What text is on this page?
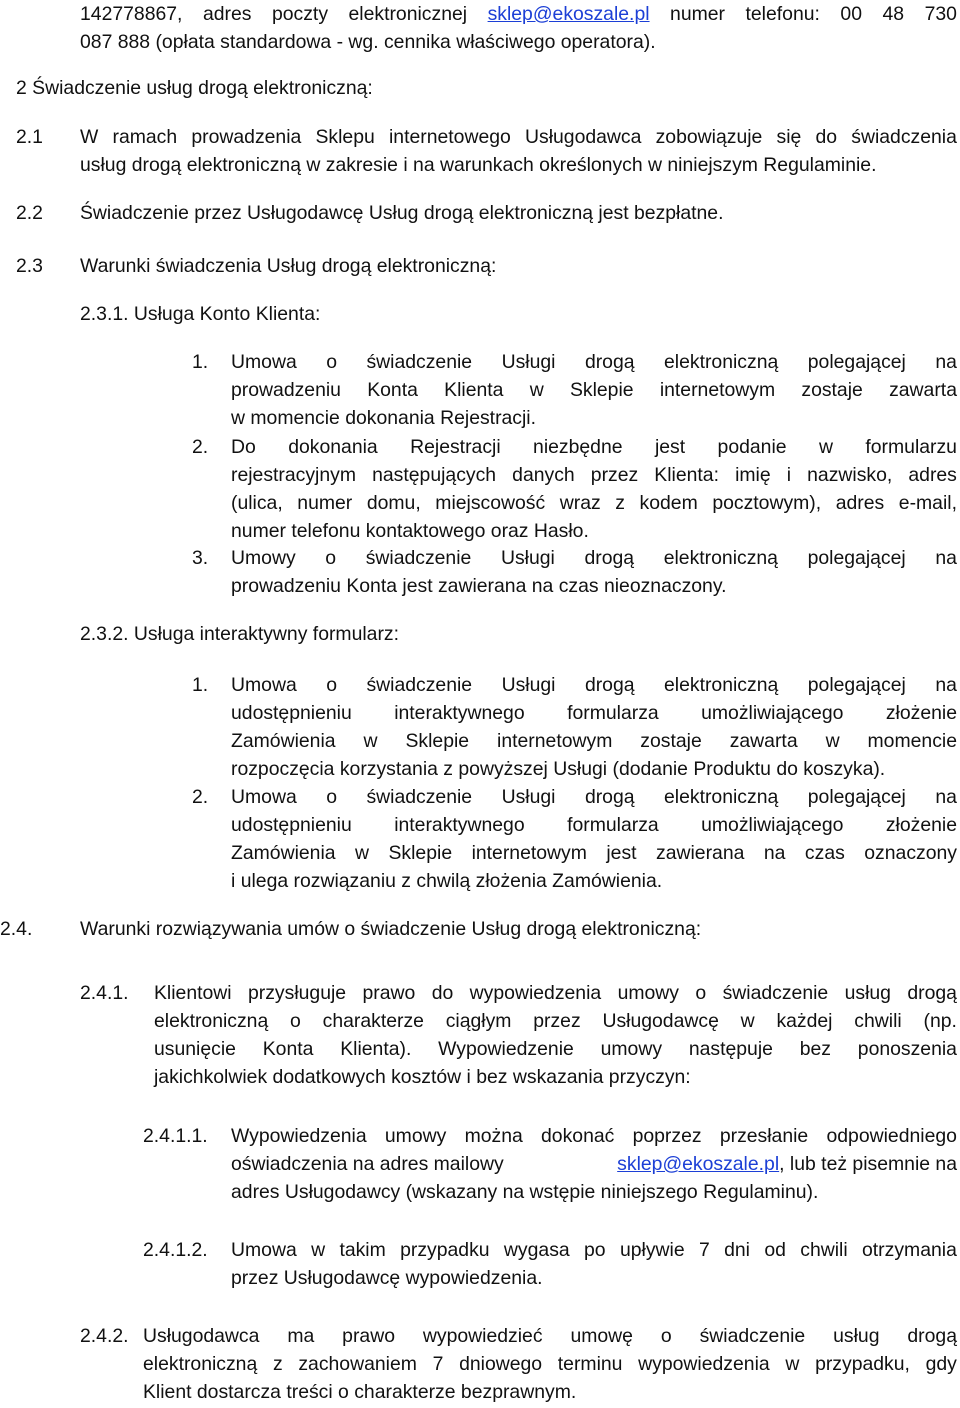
142778867, adres poczty elektronicznej sklep@ekoszale.pl numer telefonu: 00 48 730
087 888 (opłata standardowa - wg. cennika właściwego operatora).
2 Świadczenie usług drogą elektroniczną:
2.1 W ramach prowadzenia Sklepu internetowego Usługodawca zobowiązuje się do świadczenia
usług drogą elektroniczną w zakresie i na warunkach określonych w niniejszym Regulaminie.
2.2 Świadczenie przez Usługodawcę Usług drogą elektroniczną jest bezpłatne.
2.3 Warunki świadczenia Usług drogą elektroniczną:
2.3.1. Usługa Konto Klienta:
1. Umowa o świadczenie Usługi drogą elektroniczną polegającej na
prowadzeniu Konta Klienta w Sklepie internetowym zostaje zawarta
w momencie dokonania Rejestracji.
2. Do dokonania Rejestracji niezbędne jest podanie w formularzu
rejestracyjnym następujących danych przez Klienta: imię i nazwisko, adres
(ulica, numer domu, miejscowość wraz z kodem pocztowym), adres e-mail,
numer telefonu kontaktowego oraz Hasło.
3. Umowy o świadczenie Usługi drogą elektroniczną polegającej na
prowadzeniu Konta jest zawierana na czas nieoznaczony.
2.3.2. Usługa interaktywny formularz:
1. Umowa o świadczenie Usługi drogą elektroniczną polegającej na
udostępnieniu interaktywnego formularza umożliwiającego złożenie
Zamówienia w Sklepie internetowym zostaje zawarta w momencie
rozpoczęcia korzystania z powyższej Usługi (dodanie Produktu do koszyka).
2. Umowa o świadczenie Usługi drogą elektroniczną polegającej na
udostępnieniu interaktywnego formularza umożliwiającego złożenie
Zamówienia w Sklepie internetowym jest zawierana na czas oznaczony
i ulega rozwiązaniu z chwilą złożenia Zamówienia.
2.4. Warunki rozwiązywania umów o świadczenie Usług drogą elektroniczną:
2.4.1. Klientowi przysługuje prawo do wypowiedzenia umowy o świadczenie usług drogą
elektroniczną o charakterze ciągłym przez Usługodawcę w każdej chwili (np.
usunięcie Konta Klienta). Wypowiedzenie umowy następuje bez ponoszenia
jakichkolwiek dodatkowych kosztów i bez wskazania przyczyn:
2.4.1.1. Wypowiedzenia umowy można dokonać poprzez przesłanie odpowiedniego
oświadczenia na adres mailowy	sklep@ekoszale.pl, lub też pisemnie na
adres Usługodawcy (wskazany na wstępie niniejszego Regulaminu).
2.4.1.2. Umowa w takim przypadku wygasa po upływie 7 dni od chwili otrzymania
przez Usługodawcę wypowiedzenia.
2.4.2. Usługodawca ma prawo wypowiedzieć umowę o świadczenie usług drogą
elektroniczną z zachowaniem 7 dniowego terminu wypowiedzenia w przypadku, gdy
Klient dostarcza treści o charakterze bezprawnym.
